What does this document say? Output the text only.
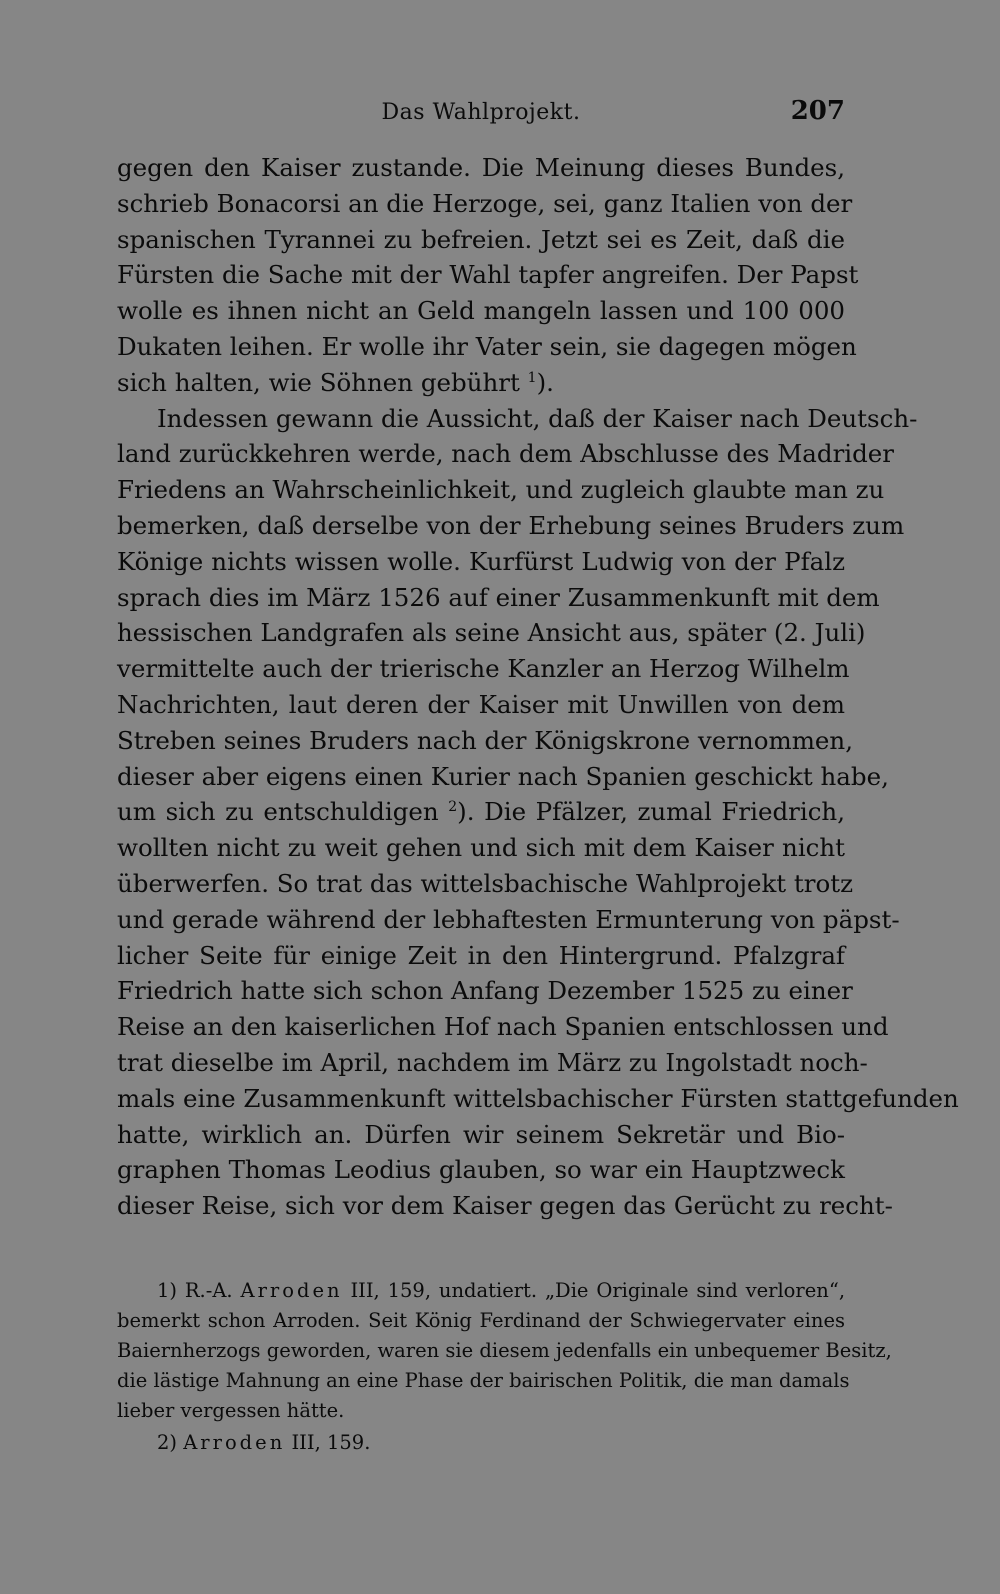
Das Wahlprojekt.	207
gegen den Kaiser zustande. Die Meinung dieses Bundes,
schrieb Bonacorsi an die Herzoge, sei, ganz Italien von der
spanischen Tyrannei zu befreien. Jetzt sei es Zeit, daß die
Fürsten die Sache mit der Wahl tapfer angreifen. Der Papst
wolle es ihnen nicht an Geld mangeln lassen und 100 000
Dukaten leihen. Er wolle ihr Vater sein, sie dagegen mögen
sich halten, wie Söhnen gebührt $^1$).
Indessen gewann die Aussicht, daß der Kaiser nach Deutsch-
land zurückkehren werde, nach dem Abschlusse des Madrider
Friedens an Wahrscheinlichkeit, und zugleich glaubte man zu
bemerken, daß derselbe von der Erhebung seines Bruders zum
Könige nichts wissen wolle. Kurfürst Ludwig von der Pfalz
sprach dies im März 1526 auf einer Zusammenkunft mit dem
hessischen Landgrafen als seine Ansicht aus, später (2. Juli)
vermittelte auch der trierische Kanzler an Herzog Wilhelm
Nachrichten, laut deren der Kaiser mit Unwillen von dem
Streben seines Bruders nach der Königskrone vernommen,
dieser aber eigens einen Kurier nach Spanien geschickt habe,
um sich zu entschuldigen $^2$). Die Pfälzer, zumal Friedrich,
wollten nicht zu weit gehen und sich mit dem Kaiser nicht
überwerfen. So trat das wittelsbachische Wahlprojekt trotz
und gerade während der lebhaftesten Ermunterung von päpst-
licher Seite für einige Zeit in den Hintergrund. Pfalzgraf
Friedrich hatte sich schon Anfang Dezember 1525 zu einer
Reise an den kaiserlichen Hof nach Spanien entschlossen und
trat dieselbe im April, nachdem im März zu Ingolstadt noch-
mals eine Zusammenkunft wittelsbachischer Fürsten stattgefunden
hatte, wirklich an. Dürfen wir seinem Sekretär und Bio-
graphen Thomas Leodius glauben, so war ein Hauptzweck
dieser Reise, sich vor dem Kaiser gegen das Gerücht zu recht-
1) R.-A. Arroden III, 159, undatiert. „Die Originale sind verloren“,
bemerkt schon Arroden. Seit König Ferdinand der Schwiegervater eines
Baiernherzogs geworden, waren sie diesem jedenfalls ein unbequemer Besitz,
die lästige Mahnung an eine Phase der bairischen Politik, die man damals
lieber vergessen hätte.
2) Arroden III, 159.
